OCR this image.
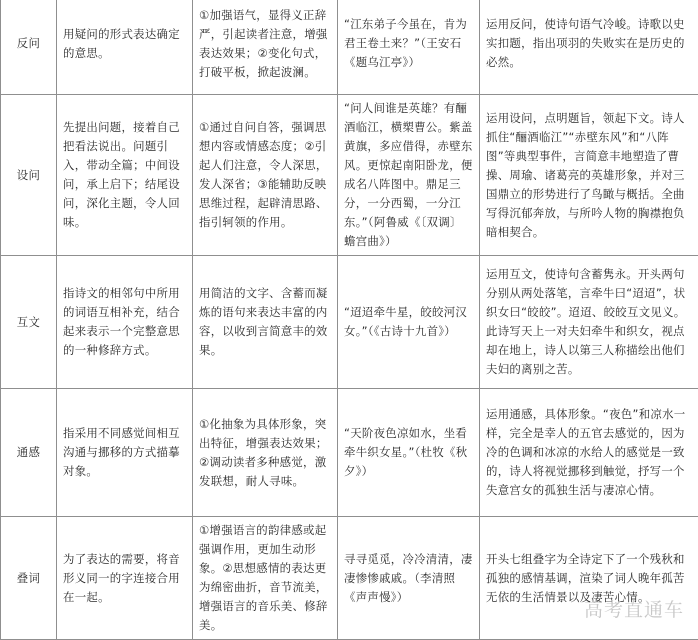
反问	用疑问的形式表达确定的意思。	①加强语气，显得义正辞严，引起读者注意，增强表达效果；②变化句式，打破平板，掀起波澜。	“江东弟子今虽在，肯为君王卷土来？”（王安石《题乌江亭》）	运用反问，使诗句语气冷峻。诗歌以史实扣题，指出项羽的失败实在是历史的必然。
设问	先提出问题，接着自己把看法说出。问题引入，带动全篇；中间设问，承上启下；结尾设问，深化主题，令人回味。	①通过自问自答，强调思想内容或情感态度；②引起人们注意，令人深思，发人深省；③能辅助反映思维过程，起辟清思路、指引轲领的作用。	“问人间谁是英雄？有酾酒临江，横槊曹公。紫盖黄旗，多应借得，赤壁东风。更惊起南阳卧龙，便成名八阵图中。鼎足三分，一分西蜀，一分江东。”（阿鲁威《〔双调〕蟾宫曲》）	运用设问，点明题旨，领起下文。诗人抓住“酾酒临江”“赤壁东风”和“八阵图”等典型事件，言简意丰地塑造了曹操、周瑜、诸葛亮的英雄形象，并对三国鼎立的形势进行了鸟瞰与概括。全曲写得沉郁奔放，与所吟人物的胸襟抱负暗相契合。
互文	指诗文的相邻句中所用的词语互相补充，结合起来表示一个完整意思的一种修辞方式。	用简洁的文字、含蓄而凝炼的语句来表达丰富的内容，以收到言简意丰的效果。	“迢迢牵牛星，皎皎河汉女。”（《古诗十九首》）	运用互文，使诗句含蓄隽永。开头两句分别从两处落笔，言牵牛曰“迢迢”，状织女曰“皎皎”。迢迢、皎皎互文见义。此诗写天上一对夫妇牵牛和织女，视点却在地上，诗人以第三人称描绘出他们夫妇的离别之苦。
通感	指采用不同感觉间相互沟通与挪移的方式描摹对象。	①化抽象为具体形象，突出特征，增强表达效果；②调动读者多种感觉，激发联想，耐人寻味。	“天阶夜色凉如水，坐看牵牛织女星。”（杜牧《秋夕》）	运用通感，具体形象。“夜色”和凉水一样，完全是幸人的五官去感觉的，因为冷的色调和冰凉的水给人的感觉是一致的，诗人将视觉挪移到触觉，抒写一个失意宫女的孤独生活与凄凉心情。
叠词	为了表达的需要，将音形义同一的字连接合用在一起。	①增强语言的韵律感或起强调作用，更加生动形象。②思想感情的表达更为绵密曲折，音节流美，增强语言的音乐美、修辞美。	寻寻觅觅，冷冷清清，凄凄惨惨戚戚。（李清照《声声慢》）	开头七组叠字为全诗定下了一个残秋和孤独的感情基调，渲染了词人晚年孤苦无依的生活情景以及凄苦心情。
高考直通车
